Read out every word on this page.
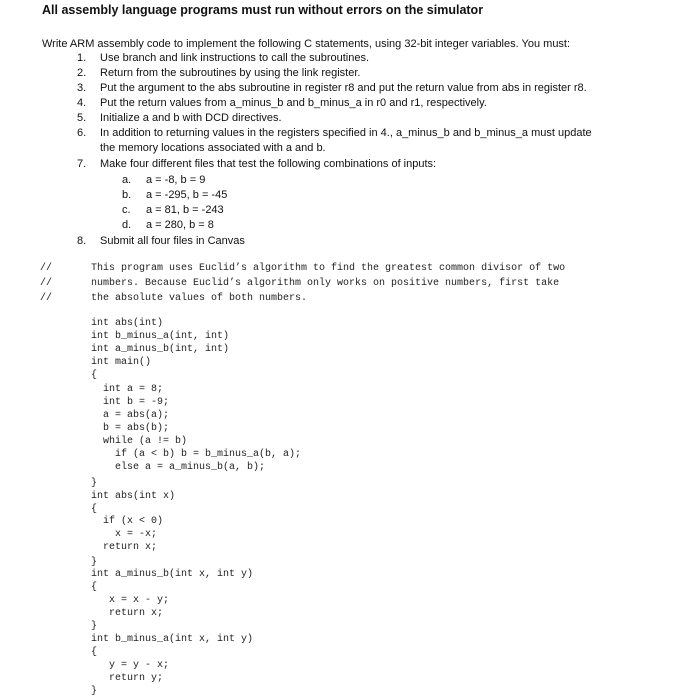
All assembly language programs must run without errors on the simulator

Write ARM assembly code to implement the following C statements, using 32-bit integer variables. You must:

1. Use branch and link instructions to call the subroutines.
2. Return from the subroutines by using the link register.
3. Put the argument to the abs subroutine in register r8 and put the return value from abs in register r8.
4. Put the return values from a_minus_b and b_minus_a in r0 and r1, respectively.
5. Initialize a and b with DCD directives.
6. In addition to returning values in the registers specified in 4., a_minus_b and b_minus_a must update
the memory locations associated with a and b.
7. Make four different files that test the following combinations of inputs:
a. a = -8, b = 9
b. a = -295, b = -45
c. a = 81, b = -243
d. a = 280, b = 8
8. Submit all four files in Canvas
//	This program uses Euclid’s algorithm to find the greatest common divisor of two
//	numbers. Because Euclid’s algorithm only works on positive numbers, first take
//	the absolute values of both numbers.
int abs(int)
int b_minus_a(int, int)
int a_minus_b(int, int)
int main()
{
int a = 8;
int b = -9;
a = abs(a);
b = abs(b);
while (a != b)
if (a < b) b = b_minus_a(b, a);
else a = a_minus_b(a, b);
}
int abs(int x)
{
if (x < 0)
x = -x;
return x;
}
int a_minus_b(int x, int y)
{
x = x - y;
return x;
}
int b_minus_a(int x, int y)
{
y = y - x;
return y;
}
